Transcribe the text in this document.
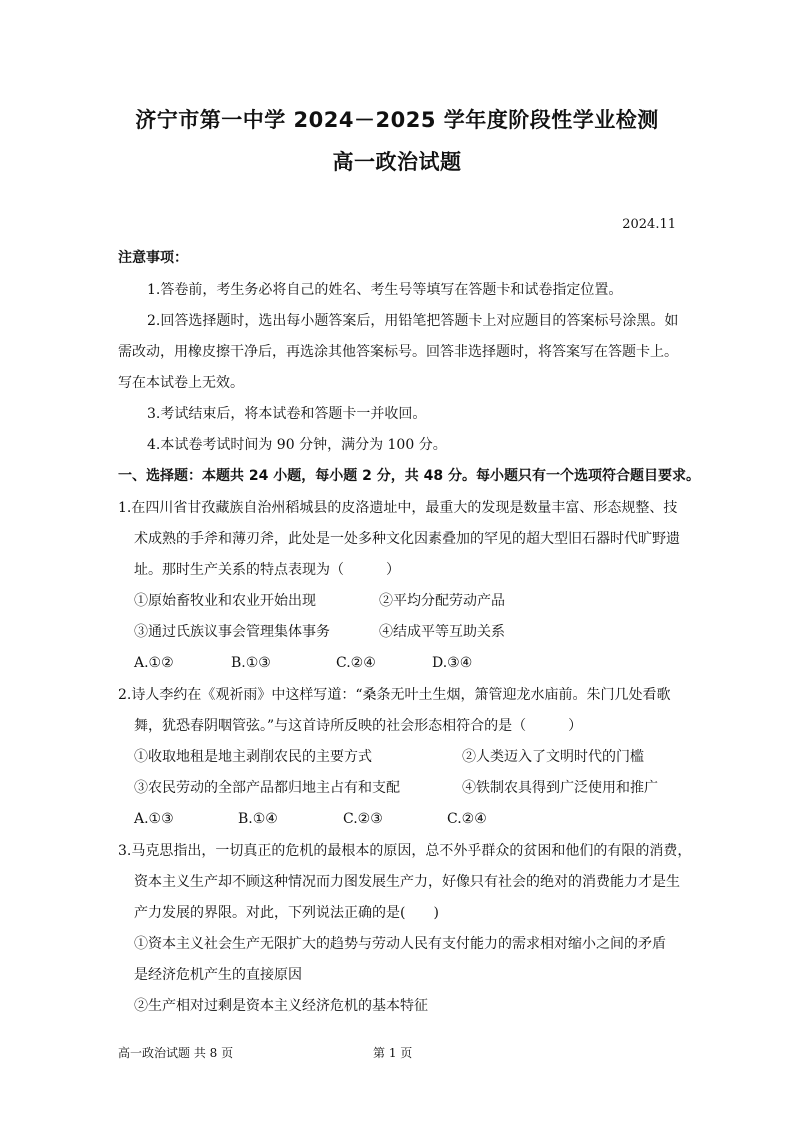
济宁市第一中学 2024－2025 学年度阶段性学业检测
高一政治试题
2024.11
注意事项：
1.答卷前，考生务必将自己的姓名、考生号等填写在答题卡和试卷指定位置。
2.回答选择题时，选出每小题答案后，用铅笔把答题卡上对应题目的答案标号涂黑。如
需改动，用橡皮擦干净后，再选涂其他答案标号。回答非选择题时，将答案写在答题卡上。
写在本试卷上无效。
3.考试结束后，将本试卷和答题卡一并收回。
4.本试卷考试时间为 90 分钟，满分为 100 分。
一、选择题：本题共 24 小题，每小题 2 分，共 48 分。每小题只有一个选项符合题目要求。
1.在四川省甘孜藏族自治州稻城县的皮洛遗址中，最重大的发现是数量丰富、形态规整、技
术成熟的手斧和薄刃斧，此处是一处多种文化因素叠加的罕见的超大型旧石器时代旷野遗
址。那时生产关系的特点表现为（　　　）
①原始畜牧业和农业开始出现	②平均分配劳动产品
③通过氏族议事会管理集体事务	④结成平等互助关系
A.①②	B.①③	C.②④	D.③④
2.诗人李约在《观祈雨》中这样写道：“桑条无叶土生烟，箫管迎龙水庙前。朱门几处看歌
舞，犹恐春阴咽管弦。”与这首诗所反映的社会形态相符合的是（　　　）
①收取地租是地主剥削农民的主要方式	②人类迈入了文明时代的门槛
③农民劳动的全部产品都归地主占有和支配	④铁制农具得到广泛使用和推广
A.①③	B.①④	C.②③	C.②④
3.马克思指出，一切真正的危机的最根本的原因，总不外乎群众的贫困和他们的有限的消费，
资本主义生产却不顾这种情况而力图发展生产力，好像只有社会的绝对的消费能力才是生
产力发展的界限。对此，下列说法正确的是(　　)
①资本主义社会生产无限扩大的趋势与劳动人民有支付能力的需求相对缩小之间的矛盾
是经济危机产生的直接原因
②生产相对过剩是资本主义经济危机的基本特征
高一政治试题 共 8 页	第 1 页
